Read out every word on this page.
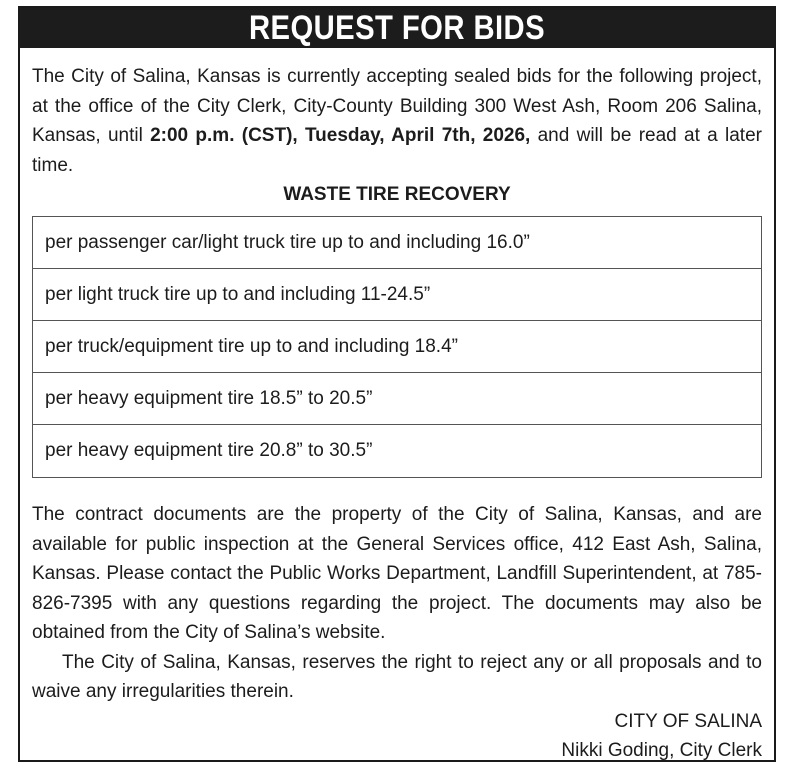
REQUEST FOR BIDS

The City of Salina, Kansas is currently accepting sealed bids for the following project, at the office of the City Clerk, City-County Building 300 West Ash, Room 206 Salina, Kansas, until 2:00 p.m. (CST), Tuesday, April 7th, 2026, and will be read at a later time.

WASTE TIRE RECOVERY
per passenger car/light truck tire up to and including 16.0”
per light truck tire up to and including 11-24.5”
per truck/equipment tire up to and including 18.4”
per heavy equipment tire 18.5” to 20.5”
per heavy equipment tire 20.8” to 30.5”

The contract documents are the property of the City of Salina, Kansas, and are available for public inspection at the General Services office, 412 East Ash, Salina, Kansas. Please contact the Public Works Department, Landfill Superintendent, at 785-826-7395 with any questions regarding the project. The documents may also be obtained from the City of Salina’s website.

The City of Salina, Kansas, reserves the right to reject any or all proposals and to waive any irregularities therein.

CITY OF SALINA
Nikki Goding, City Clerk
